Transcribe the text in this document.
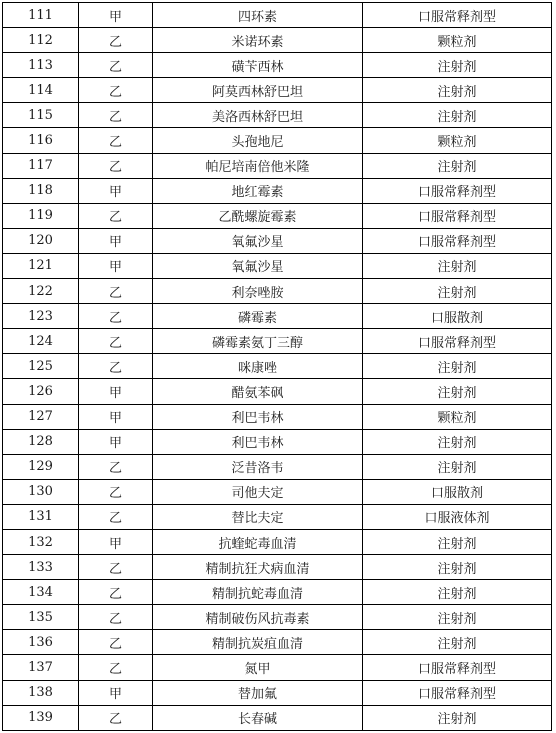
111	甲	四环素	口服常释剂型
112	乙	米诺环素	颗粒剂
113	乙	磺苄西林	注射剂
114	乙	阿莫西林舒巴坦	注射剂
115	乙	美洛西林舒巴坦	注射剂
116	乙	头孢地尼	颗粒剂
117	乙	帕尼培南倍他米隆	注射剂
118	甲	地红霉素	口服常释剂型
119	乙	乙酰螺旋霉素	口服常释剂型
120	甲	氧氟沙星	口服常释剂型
121	甲	氧氟沙星	注射剂
122	乙	利奈唑胺	注射剂
123	乙	磷霉素	口服散剂
124	乙	磷霉素氨丁三醇	口服常释剂型
125	乙	咪康唑	注射剂
126	甲	醋氨苯砜	注射剂
127	甲	利巴韦林	颗粒剂
128	甲	利巴韦林	注射剂
129	乙	泛昔洛韦	注射剂
130	乙	司他夫定	口服散剂
131	乙	替比夫定	口服液体剂
132	甲	抗蝰蛇毒血清	注射剂
133	乙	精制抗狂犬病血清	注射剂
134	乙	精制抗蛇毒血清	注射剂
135	乙	精制破伤风抗毒素	注射剂
136	乙	精制抗炭疽血清	注射剂
137	乙	氮甲	口服常释剂型
138	甲	替加氟	口服常释剂型
139	乙	长春碱	注射剂
